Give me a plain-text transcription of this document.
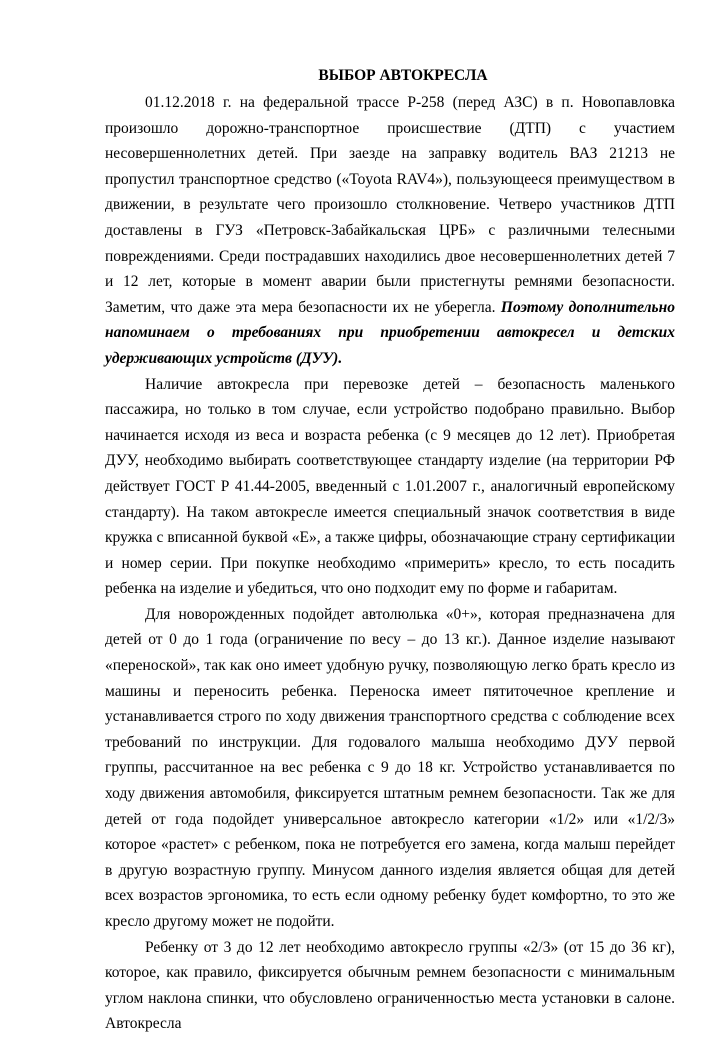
ВЫБОР АВТОКРЕСЛА

01.12.2018 г. на федеральной трассе Р-258 (перед АЗС) в п. Новопавловка произошло дорожно-транспортное происшествие (ДТП) с участием несовершеннолетних детей. При заезде на заправку водитель ВАЗ 21213 не пропустил транспортное средство («Toyota RAV4»), пользующееся преимуществом в движении, в результате чего произошло столкновение. Четверо участников ДТП доставлены в ГУЗ «Петровск-Забайкальская ЦРБ» с различными телесными повреждениями. Среди пострадавших находились двое несовершеннолетних детей 7 и 12 лет, которые в момент аварии были пристегнуты ремнями безопасности. Заметим, что даже эта мера безопасности их не уберегла. Поэтому дополнительно напоминаем о требованиях при приобретении автокресел и детских удерживающих устройств (ДУУ).

Наличие автокресла при перевозке детей – безопасность маленького пассажира, но только в том случае, если устройство подобрано правильно. Выбор начинается исходя из веса и возраста ребенка (с 9 месяцев до 12 лет). Приобретая ДУУ, необходимо выбирать соответствующее стандарту изделие (на территории РФ действует ГОСТ Р 41.44-2005, введенный с 1.01.2007 г., аналогичный европейскому стандарту). На таком автокресле имеется специальный значок соответствия в виде кружка с вписанной буквой «Е», а также цифры, обозначающие страну сертификации и номер серии. При покупке необходимо «примерить» кресло, то есть посадить ребенка на изделие и убедиться, что оно подходит ему по форме и габаритам.

Для новорожденных подойдет автолюлька «0+», которая предназначена для детей от 0 до 1 года (ограничение по весу – до 13 кг.). Данное изделие называют «переноской», так как оно имеет удобную ручку, позволяющую легко брать кресло из машины и переносить ребенка. Переноска имеет пятиточечное крепление и устанавливается строго по ходу движения транспортного средства с соблюдение всех требований по инструкции. Для годовалого малыша необходимо ДУУ первой группы, рассчитанное на вес ребенка с 9 до 18 кг. Устройство устанавливается по ходу движения автомобиля, фиксируется штатным ремнем безопасности. Так же для детей от года подойдет универсальное автокресло категории «1/2» или «1/2/3» которое «растет» с ребенком, пока не потребуется его замена, когда малыш перейдет в другую возрастную группу. Минусом данного изделия является общая для детей всех возрастов эргономика, то есть если одному ребенку будет комфортно, то это же кресло другому может не подойти.

Ребенку от 3 до 12 лет необходимо автокресло группы «2/3» (от 15 до 36 кг), которое, как правило, фиксируется обычным ремнем безопасности с минимальным углом наклона спинки, что обусловлено ограниченностью места установки в салоне. Автокресла
